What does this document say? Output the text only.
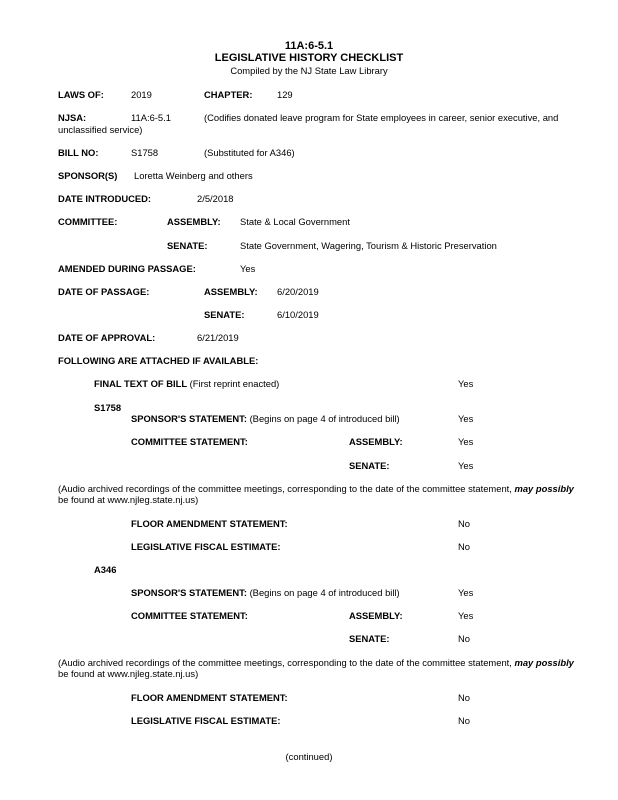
11A:6-5.1
LEGISLATIVE HISTORY CHECKLIST
Compiled by the NJ State Law Library
LAWS OF:	2019	CHAPTER:	129
NJSA:	11A:6-5.1	(Codifies donated leave program for State employees in career, senior executive, and
unclassified service)
BILL NO:	S1758	(Substituted for A346)
SPONSOR(S) Loretta Weinberg and others
DATE INTRODUCED:	2/5/2018
COMMITTEE:	ASSEMBLY: State & Local Government
SENATE:	State Government, Wagering, Tourism & Historic Preservation
AMENDED DURING PASSAGE:	Yes
DATE OF PASSAGE:	ASSEMBLY: 6/20/2019
SENATE:	6/10/2019
DATE OF APPROVAL:	6/21/2019
FOLLOWING ARE ATTACHED IF AVAILABLE:
FINAL TEXT OF BILL (First reprint enacted)	Yes
S1758
SPONSOR'S STATEMENT: (Begins on page 4 of introduced bill)	Yes
COMMITTEE STATEMENT:	ASSEMBLY:	Yes
SENATE:	Yes
(Audio archived recordings of the committee meetings, corresponding to the date of the committee statement, may possibly
be found at www.njleg.state.nj.us)
FLOOR AMENDMENT STATEMENT:	No
LEGISLATIVE FISCAL ESTIMATE:	No
A346
SPONSOR'S STATEMENT: (Begins on page 4 of introduced bill)	Yes
COMMITTEE STATEMENT:	ASSEMBLY:	Yes
SENATE:	No
(Audio archived recordings of the committee meetings, corresponding to the date of the committee statement, may possibly
be found at www.njleg.state.nj.us)
FLOOR AMENDMENT STATEMENT:	No
LEGISLATIVE FISCAL ESTIMATE:	No
(continued)
